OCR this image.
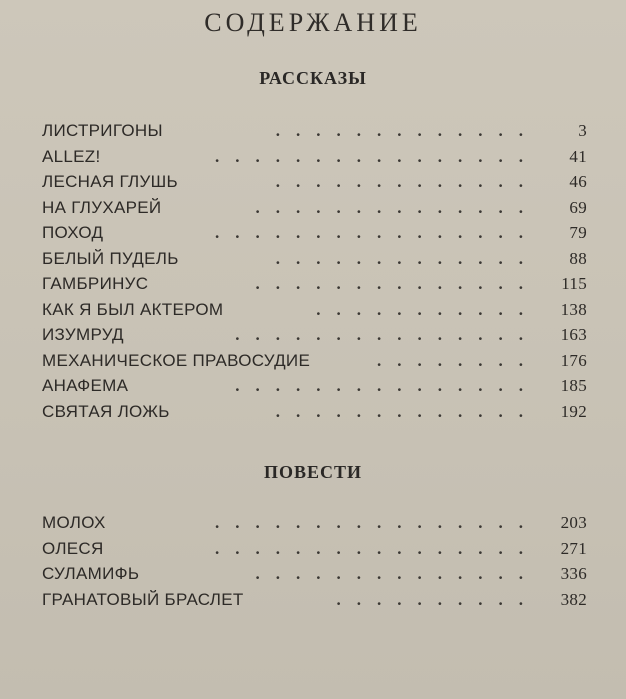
СОДЕРЖАНИЕ
РАССКАЗЫ
.............
ЛИСТРИГОНЫ	3
................
ALLEZ!	41
.............
ЛЕСНАЯ ГЛУШЬ	46
..............
НА ГЛУХАРЕЙ	69
................
ПОХОД	79
.............
БЕЛЫЙ ПУДЕЛЬ	88
..............
ГАМБРИНУС	115
...........
КАК Я БЫЛ АКТЕРОМ	138
...............
ИЗУМРУД	163
........
МЕХАНИЧЕСКОЕ ПРАВОСУДИЕ	176
...............
АНАФЕМА	185
.............
СВЯТАЯ ЛОЖЬ	192
ПОВЕСТИ
................
МОЛОХ	203
................
ОЛЕСЯ	271
..............
СУЛАМИФЬ	336
..........
ГРАНАТОВЫЙ БРАСЛЕТ	382
